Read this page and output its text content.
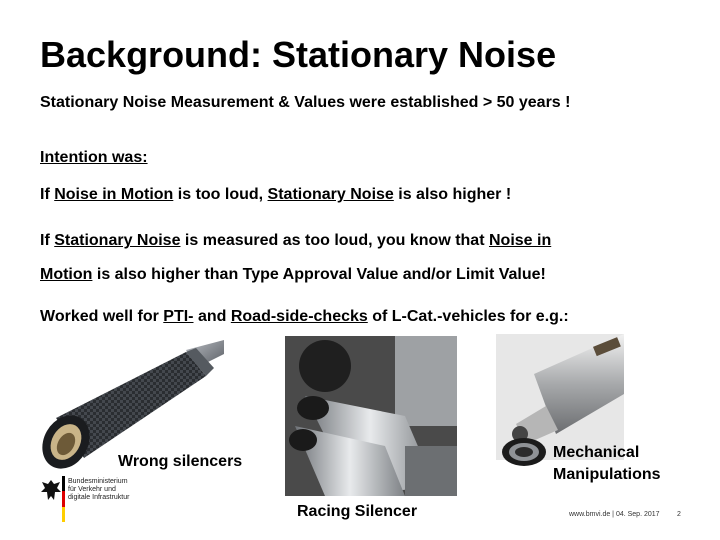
Background: Stationary Noise
Stationary Noise Measurement & Values were established > 50 years !
Intention was:
If Noise in Motion is too loud, Stationary Noise is also higher !
If Stationary Noise is measured as too loud, you know that Noise in
Motion is also higher than Type Approval Value and/or Limit Value!
Worked well for PTI- and Road-side-checks of L-Cat.-vehicles for e.g.:
Wrong silencers
Racing Silencer
Mechanical Manipulations
Bundesministerium
für Verkehr und
digitale Infrastruktur
www.bmvi.de | 04. Sep. 2017 2
